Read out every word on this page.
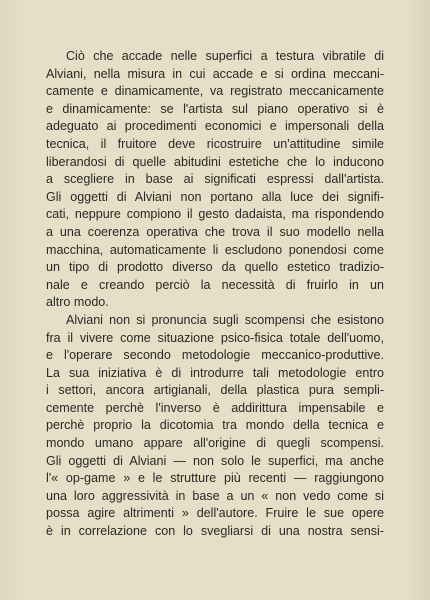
Ciò che accade nelle superfici a testura vibratile di
Alviani, nella misura in cui accade e si ordina meccani-
camente e dinamicamente, va registrato meccanicamente
e dinamicamente: se l'artista sul piano operativo si è
adeguato ai procedimenti economici e impersonali della
tecnica, il fruitore deve ricostruire un'attitudine simile
liberandosi di quelle abitudini estetiche che lo inducono
a scegliere in base ai significati espressi dall'artista.
Gli oggetti di Alviani non portano alla luce dei signifi-
cati, neppure compiono il gesto dadaista, ma rispondendo
a una coerenza operativa che trova il suo modello nella
macchina, automaticamente li escludono ponendosi come
un tipo di prodotto diverso da quello estetico tradizio-
nale e creando perciò la necessità di fruirlo in un
altro modo.
Alviani non si pronuncia sugli scompensi che esistono
fra il vivere come situazione psico-fisica totale dell'uomo,
e l'operare secondo metodologie meccanico-produttive.
La sua iniziativa è di introdurre tali metodologie entro
i settori, ancora artigianali, della plastica pura sempli-
cemente perchè l'inverso è addirittura impensabile e
perchè proprio la dicotomia tra mondo della tecnica e
mondo umano appare all'origine di quegli scompensi.
Gli oggetti di Alviani — non solo le superfici, ma anche
l'« op-game » e le strutture più recenti — raggiungono
una loro aggressività in base a un « non vedo come si
possa agire altrimenti » dell'autore. Fruire le sue opere
è in correlazione con lo svegliarsi di una nostra sensi-
